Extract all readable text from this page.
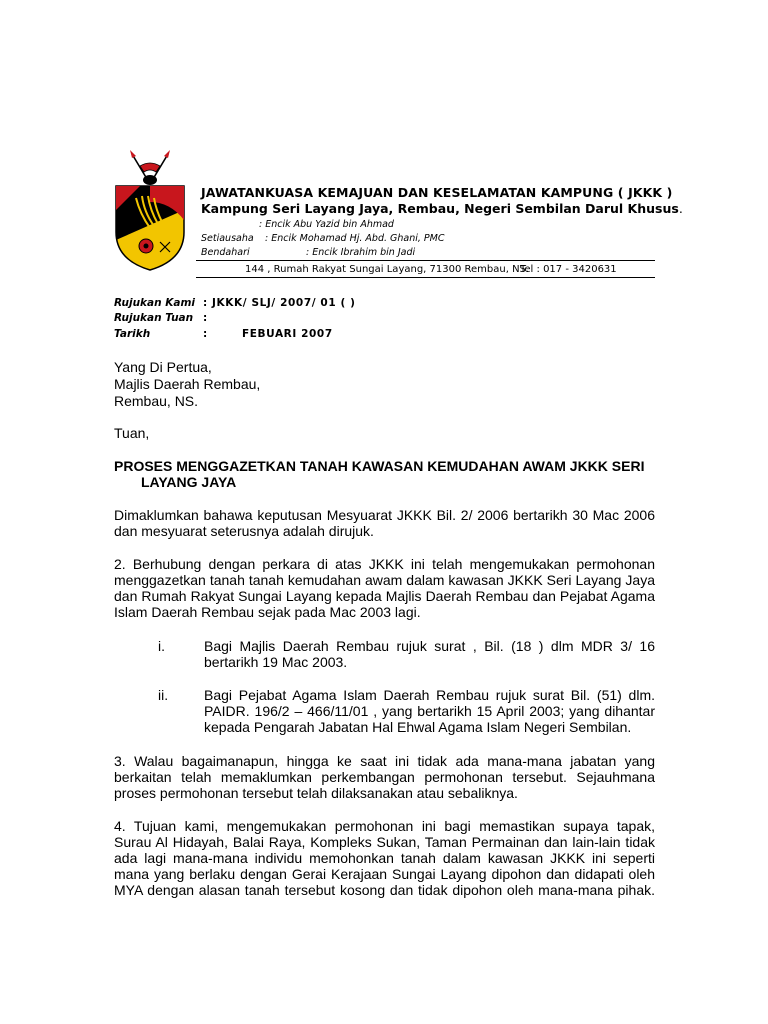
JAWATANKUASA KEMAJUAN DAN KESELAMATAN KAMPUNG ( JKKK )
Kampung Seri Layang Jaya, Rembau, Negeri Sembilan Darul Khusus.
: Encik Abu Yazid bin Ahmad
Setiausaha : Encik Mohamad Hj. Abd. Ghani, PMC
Bendahari	: Encik Ibrahim bin Jadi
144 , Rumah Rakyat Sungai Layang, 71300 Rembau, NS.
Tel : 017 - 3420631
Rujukan Kami : JKKK/ SLJ/ 2007/ 01 ( )
Rujukan Tuan :
Tarikh	:	FEBUARI 2007
Yang Di Pertua,
Majlis Daerah Rembau,
Rembau, NS.
Tuan,
PROSES MENGGAZETKAN TANAH KAWASAN KEMUDAHAN AWAM JKKK SERI
LAYANG JAYA
Dimaklumkan bahawa keputusan Mesyuarat JKKK Bil. 2/ 2006 bertarikh 30 Mac 2006
dan mesyuarat seterusnya adalah dirujuk.
2. Berhubung dengan perkara di atas JKKK ini telah mengemukakan permohonan
menggazetkan tanah tanah kemudahan awam dalam kawasan JKKK Seri Layang Jaya
dan Rumah Rakyat Sungai Layang kepada Majlis Daerah Rembau dan Pejabat Agama
Islam Daerah Rembau sejak pada Mac 2003 lagi.
i.	Bagi Majlis Daerah Rembau rujuk surat , Bil. (18 ) dlm MDR 3/ 16
bertarikh 19 Mac 2003.
ii.	Bagi Pejabat Agama Islam Daerah Rembau rujuk surat Bil. (51) dlm.
PAIDR. 196/2 – 466/11/01 , yang bertarikh 15 April 2003; yang dihantar
kepada Pengarah Jabatan Hal Ehwal Agama Islam Negeri Sembilan.
3. Walau bagaimanapun, hingga ke saat ini tidak ada mana-mana jabatan yang
berkaitan telah memaklumkan perkembangan permohonan tersebut. Sejauhmana
proses permohonan tersebut telah dilaksanakan atau sebaliknya.
4. Tujuan kami, mengemukakan permohonan ini bagi memastikan supaya tapak,
Surau Al Hidayah, Balai Raya, Kompleks Sukan, Taman Permainan dan lain-lain tidak
ada lagi mana-mana individu memohonkan tanah dalam kawasan JKKK ini seperti
mana yang berlaku dengan Gerai Kerajaan Sungai Layang dipohon dan didapati oleh
MYA dengan alasan tanah tersebut kosong dan tidak dipohon oleh mana-mana pihak.
